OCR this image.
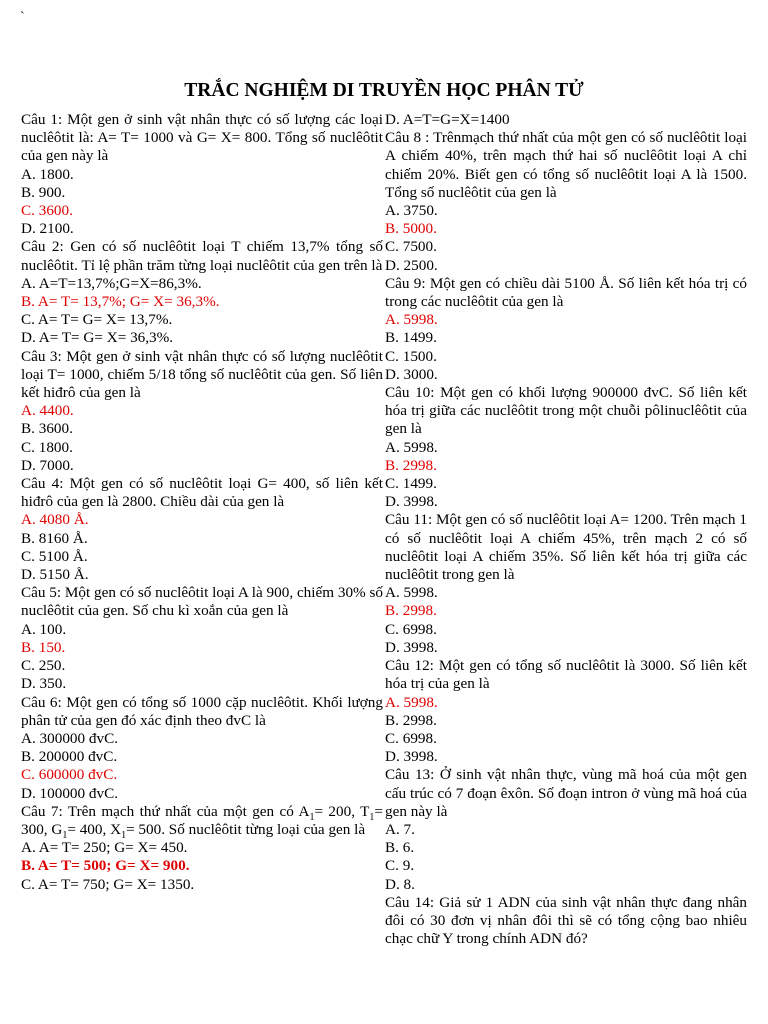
`
TRẮC NGHIỆM DI TRUYỀN HỌC PHÂN TỬ
Câu 1: Một gen ở sinh vật nhân thực có số lượng các loại nuclêôtit là: A= T= 1000 và G= X= 800. Tổng số nuclêôtit của gen này là
A. 1800.
B. 900.
C. 3600.
D. 2100.
Câu 2: Gen có số nuclêôtit loại T chiếm 13,7% tổng số nuclêôtit. Tỉ lệ phần trăm từng loại nuclêôtit của gen trên là
A. A=T=13,7%;G=X=86,3%.
B. A= T= 13,7%; G= X= 36,3%.
C. A= T= G= X= 13,7%.
D. A= T= G= X= 36,3%.
Câu 3: Một gen ở sinh vật nhân thực có số lượng nuclêôtit loại T= 1000, chiếm 5/18 tổng số nuclêôtit của gen. Số liên kết hiđrô của gen là
A. 4400.
B. 3600.
C. 1800.
D. 7000.
Câu 4: Một gen có số nuclêôtit loại G= 400, số liên kết hiđrô của gen là 2800. Chiều dài của gen là
A. 4080 Å.
B. 8160 Å.
C. 5100 Å.
D. 5150 Å.
Câu 5: Một gen có số nuclêôtit loại A là 900, chiếm 30% số nuclêôtit của gen. Số chu kì xoắn của gen là
A. 100.
B. 150.
C. 250.
D. 350.
Câu 6: Một gen có tổng số 1000 cặp nuclêôtit. Khối lượng phân tử của gen đó xác định theo đvC là
A. 300000 đvC.
B. 200000 đvC.
C. 600000 đvC.
D. 100000 đvC.
Câu 7: Trên mạch thứ nhất của một gen có $A_1= 200$, $T_1= 300$, $G_1= 400$, $X_1= 500$. Số nuclêôtit từng loại của gen là
A. A= T= 250; G= X= 450.
B. A= T= 500; G= X= 900.
C. A= T= 750; G= X= 1350.
D. A=T=G=X=1400
Câu 8 : Trênmạch thứ nhất của một gen có số nuclêôtit loại A chiếm 40%, trên mạch thứ hai số nuclêôtit loại A chỉ chiếm 20%. Biết gen có tổng số nuclêôtit loại A là 1500. Tổng số nuclêôtit của gen là
A. 3750.
B. 5000.
C. 7500.
D. 2500.
Câu 9: Một gen có chiều dài 5100 Å. Số liên kết hóa trị có trong các nuclêôtit của gen là
A. 5998.
B. 1499.
C. 1500.
D. 3000.
Câu 10: Một gen có khối lượng 900000 đvC. Số liên kết hóa trị giữa các nuclêôtit trong một chuỗi pôlinuclêôtit của gen là
A. 5998.
B. 2998.
C. 1499.
D. 3998.
Câu 11: Một gen có số nuclêôtit loại A= 1200. Trên mạch 1 có số nuclêôtit loại A chiếm 45%, trên mạch 2 có số nuclêôtit loại A chiếm 35%. Số liên kết hóa trị giữa các nuclêôtit trong gen là
A. 5998.
B. 2998.
C. 6998.
D. 3998.
Câu 12: Một gen có tổng số nuclêôtit là 3000. Số liên kết hóa trị của gen là
A. 5998.
B. 2998.
C. 6998.
D. 3998.
Câu 13: Ở sinh vật nhân thực, vùng mã hoá của một gen cấu trúc có 7 đoạn êxôn. Số đoạn intron ở vùng mã hoá của gen này là
A. 7.
B. 6.
C. 9.
D. 8.
Câu 14: Giả sử 1 ADN của sinh vật nhân thực đang nhân đôi có 30 đơn vị nhân đôi thì sẽ có tổng cộng bao nhiêu chạc chữ Y trong chính ADN đó?
